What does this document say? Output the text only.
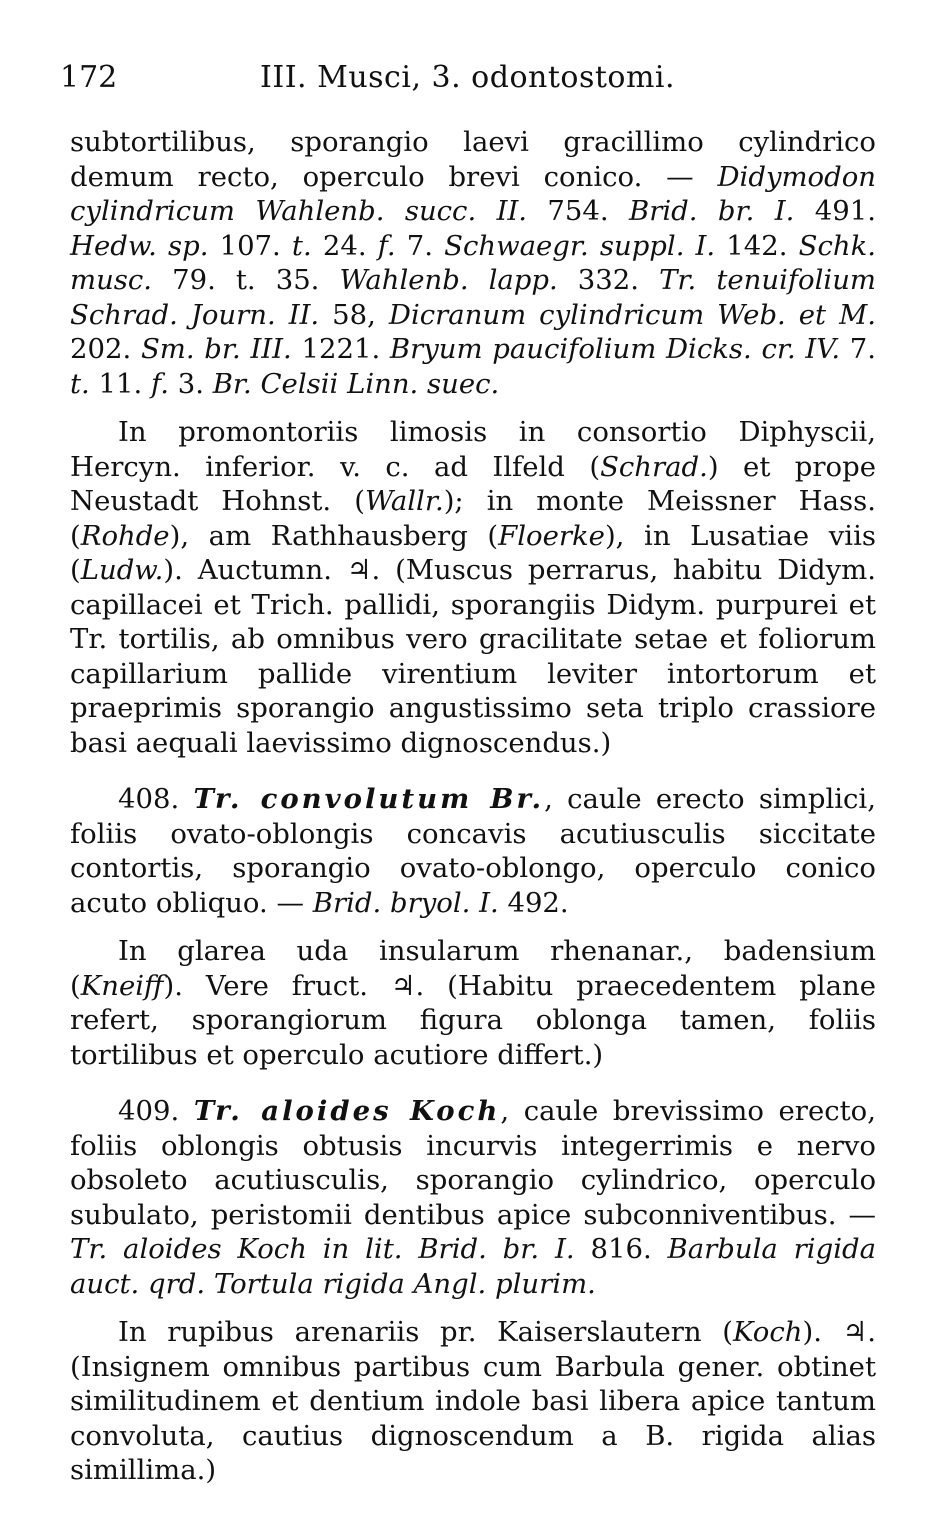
172	III. Musci, 3. odontostomi.

subtortilibus, sporangio laevi gracillimo cylindrico demum recto, operculo brevi conico. — Didymodon cylindricum Wahlenb. succ. II. 754. Brid. br. I. 491. Hedw. sp. 107. t. 24. f. 7. Schwaegr. suppl. I. 142. Schk. musc. 79. t. 35. Wahlenb. lapp. 332. Tr. tenuifolium Schrad. Journ. II. 58, Dicranum cylindricum Web. et M. 202. Sm. br. III. 1221. Bryum paucifolium Dicks. cr. IV. 7. t. 11. f. 3. Br. Celsii Linn. suec.

In promontoriis limosis in consortio Diphyscii, Hercyn. inferior. v. c. ad Ilfeld (Schrad.) et prope Neustadt Hohnst. (Wallr.); in monte Meissner Hass. (Rohde), am Rathhausberg (Floerke), in Lusatiae viis (Ludw.). Auctumn. ♃. (Muscus perrarus, habitu Didym. capillacei et Trich. pallidi, sporangiis Didym. purpurei et Tr. tortilis, ab omnibus vero gracilitate setae et foliorum capillarium pallide virentium leviter intortorum et praeprimis sporangio angustissimo seta triplo crassiore basi aequali laevissimo dignoscendus.)

408. Tr. convolutum Br., caule erecto simplici, foliis ovato-oblongis concavis acutiusculis siccitate contortis, sporangio ovato-oblongo, operculo conico acuto obliquo. — Brid. bryol. I. 492.

In glarea uda insularum rhenanar., badensium (Kneiff). Vere fruct. ♃. (Habitu praecedentem plane refert, sporangiorum figura oblonga tamen, foliis tortilibus et operculo acutiore differt.)

409. Tr. aloides Koch, caule brevissimo erecto, foliis oblongis obtusis incurvis integerrimis e nervo obsoleto acutiusculis, sporangio cylindrico, operculo subulato, peristomii dentibus apice subconniventibus. — Tr. aloides Koch in lit. Brid. br. I. 816. Barbula rigida auct. qrd. Tortula rigida Angl. plurim.

In rupibus arenariis pr. Kaiserslautern (Koch). ♃. (Insignem omnibus partibus cum Barbula gener. obtinet similitudinem et dentium indole basi libera apice tantum convoluta, cautius dignoscendum a B. rigida alias simillima.)
